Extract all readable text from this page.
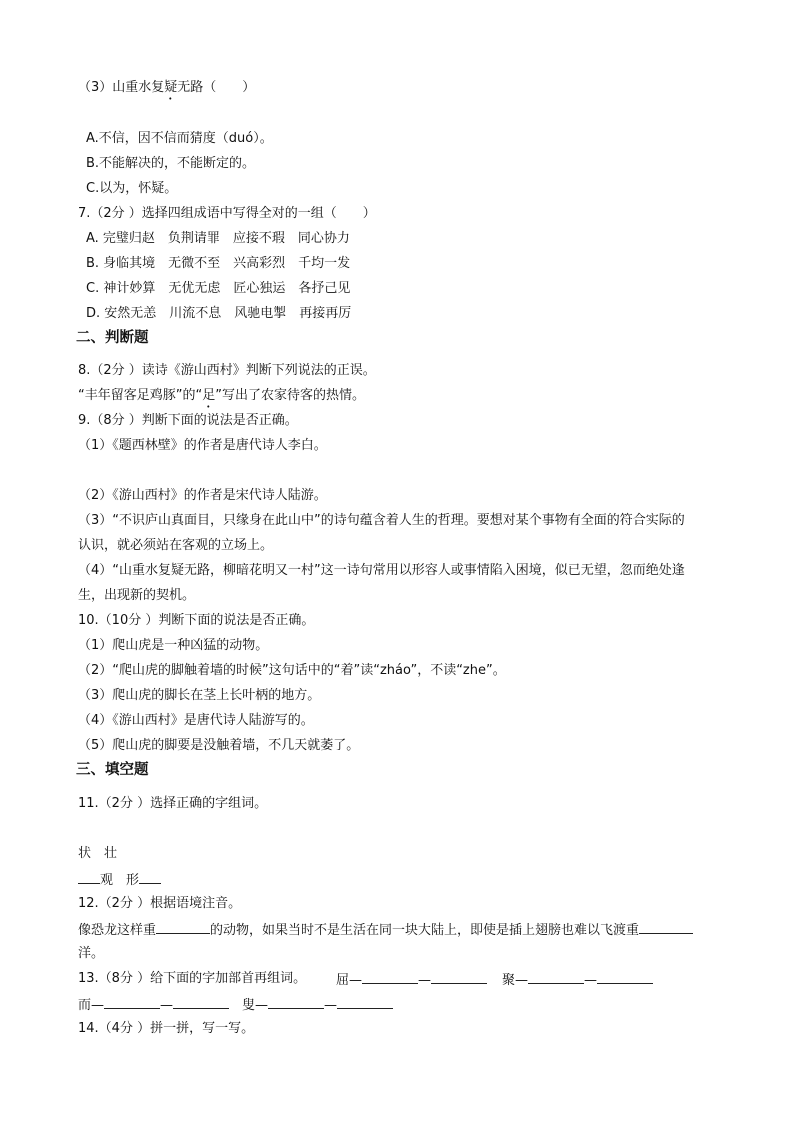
（3）山重水复疑无路（　　）
A.不信，因不信而猜度（duó）。
B.不能解决的，不能断定的。
C.以为，怀疑。
7.（2分 ）选择四组成语中写得全对的一组（　　）
A. 完璧归赵　负荆请罪　应接不瑕　同心协力
B. 身临其境　无微不至　兴高彩烈　千均一发
C. 神计妙算　无优无虑　匠心独运　各抒己见
D. 安然无恙　川流不息　风驰电掣　再接再厉
二、判断题
8.（2分 ）读诗《游山西村》判断下列说法的正误。
“丰年留客足鸡豚”的“足”写出了农家待客的热情。
9.（8分 ）判断下面的说法是否正确。
（1）《题西林壁》的作者是唐代诗人李白。
（2）《游山西村》的作者是宋代诗人陆游。
（3）“不识庐山真面目，只缘身在此山中”的诗句蕴含着人生的哲理。要想对某个事物有全面的符合实际的
认识，就必须站在客观的立场上。
（4）“山重水复疑无路，柳暗花明又一村”这一诗句常用以形容人或事情陷入困境，似已无望，忽而绝处逢
生，出现新的契机。
10.（10分 ）判断下面的说法是否正确。
（1）爬山虎是一种凶猛的动物。
（2）“爬山虎的脚触着墙的时候”这句话中的“着”读“zháo”，不读“zhe”。
（3）爬山虎的脚长在茎上长叶柄的地方。
（4）《游山西村》是唐代诗人陆游写的。
（5）爬山虎的脚要是没触着墙，不几天就萎了。
三、填空题
11.（2分 ）选择正确的字组词。
状　壮
观　形
12.（2分 ）根据语境注音。
像恐龙这样重	的动物，如果当时不是生活在同一块大陆上，即使是插上翅膀也难以飞渡重
洋。
13.（8分 ）给下面的字加部首再组词。 屈—	—	聚—	—
而—	—	叟—	—
14.（4分 ）拼一拼，写一写。
